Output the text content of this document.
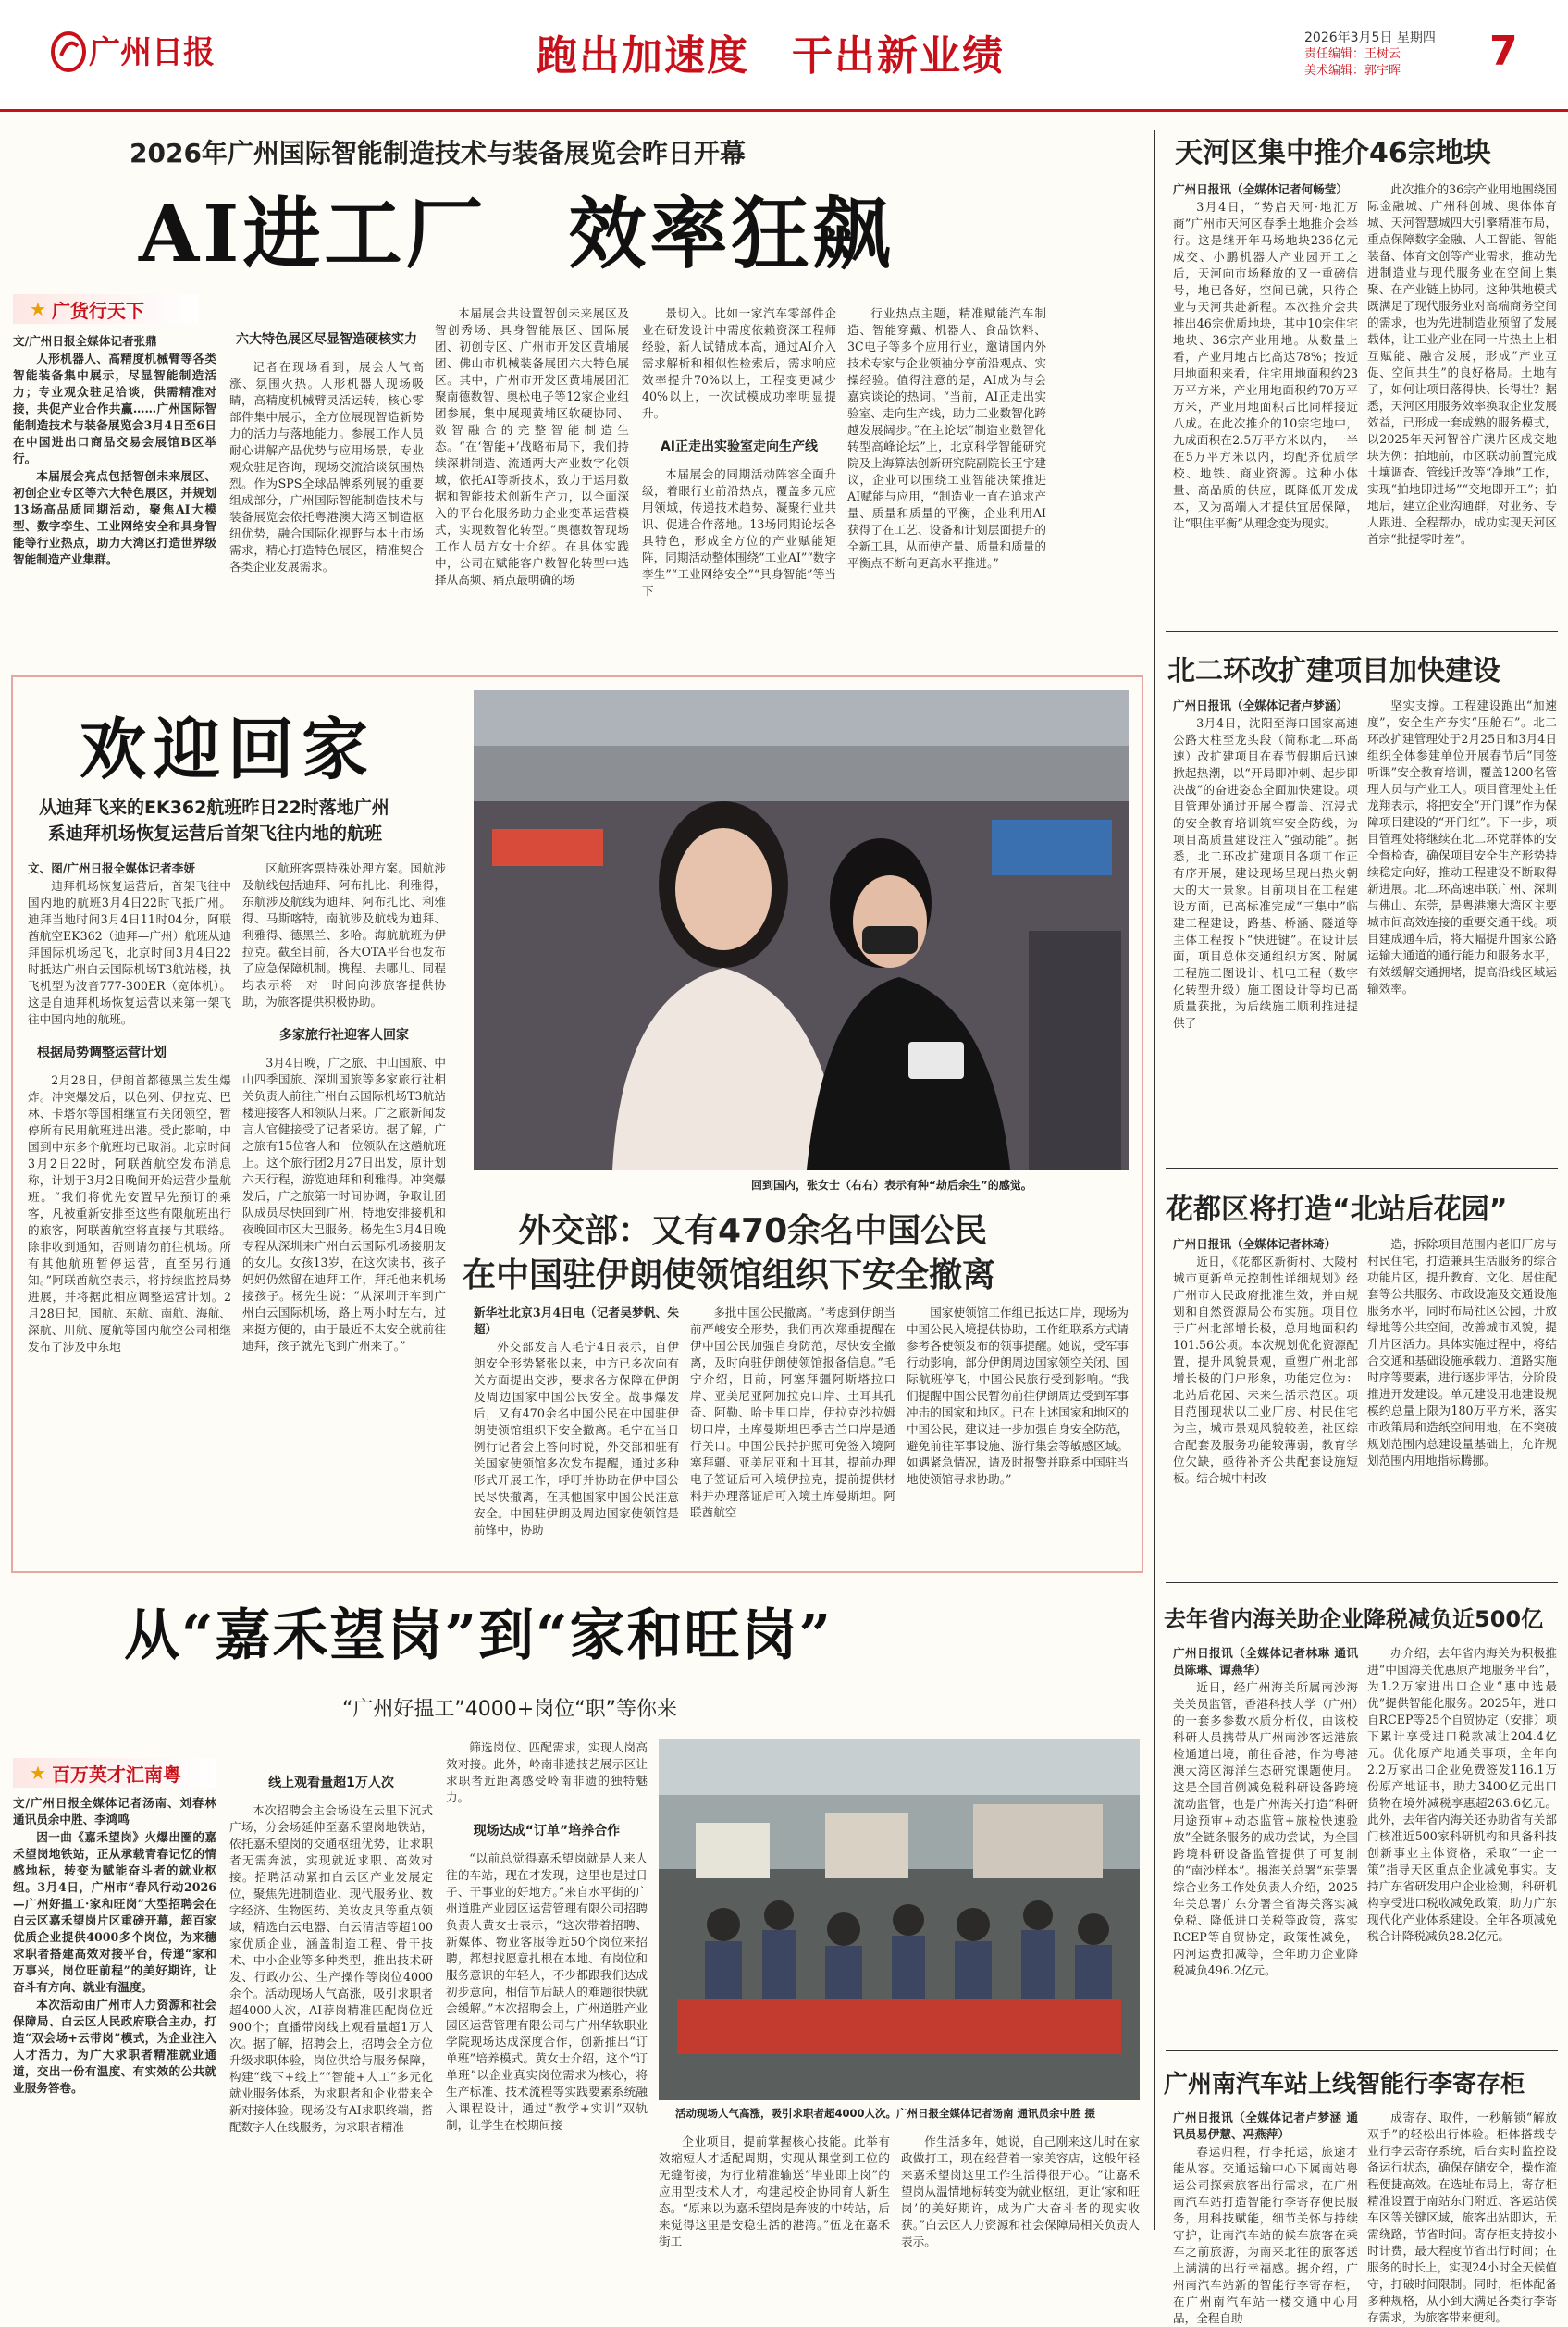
广州日报	跑出加速度　干出新业绩	2026年3月5日 星期四
责任编辑：王树云
美术编辑：郭宇晖 7
2026年广州国际智能制造技术与装备展览会昨日开幕
AI进工厂　效率狂飙
★ 广货行天下

文/广州日报全媒体记者张鼎

人形机器人、高精度机械臂等各类智能装备集中展示，尽显智能制造活力；专业观众驻足洽谈，供需精准对接，共促产业合作共赢……广州国际智能制造技术与装备展览会3月4日至6日在中国进出口商品交易会展馆B区举行。

本届展会亮点包括智创未来展区、初创企业专区等六大特色展区，并规划13场高品质同期活动，聚焦AI大模型、数字孪生、工业网络安全和具身智能等行业热点，助力大湾区打造世界级智能制造产业集群。

六大特色展区尽显智造硬核实力

记者在现场看到，展会人气高涨、氛围火热。人形机器人现场吸睛，高精度机械臂灵活运转，核心零部件集中展示，全方位展现智造新势力的活力与落地能力。参展工作人员耐心讲解产品优势与应用场景，专业观众驻足咨询，现场交流洽谈氛围热烈。作为SPS全球品牌系列展的重要组成部分，广州国际智能制造技术与装备展览会依托粤港澳大湾区制造枢纽优势，融合国际化视野与本土市场需求，精心打造特色展区，精准契合各类企业发展需求。

本届展会共设置智创未来展区及智创秀场、具身智能展区、国际展团、初创专区、广州市开发区黄埔展团、佛山市机械装备展团六大特色展区。其中，广州市开发区黄埔展团汇聚南德数智、奥松电子等12家企业组团参展，集中展现黄埔区软硬协同、数智融合的完整智能制造生态。“在‘智能+’战略布局下，我们持续深耕制造、流通两大产业数字化领域，依托AI等新技术，致力于运用数据和智能技术创新生产力，以全面深入的平台化服务助力企业变革运营模式，实现数智化转型。”奥德数智现场工作人员方女士介绍。在具体实践中，公司在赋能客户数智化转型中选择从高频、痛点最明确的场

景切入。比如一家汽车零部件企业在研发设计中需度依赖资深工程师经验，新人试错成本高，通过AI介入需求解析和相似性检索后，需求响应效率提升70%以上，工程变更减少40%以上，一次试模成功率明显提升。

AI正走出实验室走向生产线

本届展会的同期活动阵容全面升级，着眼行业前沿热点，覆盖多元应用领域，传递技术趋势、凝聚行业共识、促进合作落地。13场同期论坛各具特色，形成全方位的产业赋能矩阵，同期活动整体围绕“工业AI”“数字孪生”“工业网络安全”“具身智能”等当下

行业热点主题，精准赋能汽车制造、智能穿戴、机器人、食品饮料、3C电子等多个应用行业，邀请国内外技术专家与企业领袖分享前沿观点、实操经验。值得注意的是，AI成为与会嘉宾谈论的热词。“当前，AI正走出实验室、走向生产线，助力工业数智化跨越发展阔步。”在主论坛“制造业数智化转型高峰论坛”上，北京科学智能研究院及上海算法创新研究院副院长王宇建议，企业可以围绕工业智能决策推进AI赋能与应用，“制造业一直在追求产量、质量和质量的平衡，企业利用AI获得了在工艺、设备和计划层面提升的全新工具，从而使产量、质量和质量的平衡点不断向更高水平推进。”

天河区集中推介46宗地块

广州日报讯（全媒体记者何畅莹）

3月4日，“势启天河·地汇万商”广州市天河区春季土地推介会举行。这是继开年马场地块236亿元成交、小鹏机器人产业园开工之后，天河向市场释放的又一重磅信号，地已备好，空间已就，只待企业与天河共赴新程。本次推介会共推出46宗优质地块，其中10宗住宅地块、36宗产业用地。从数量上看，产业用地占比高达78%；按近用地面积来看，住宅用地面积约23万平方米，产业用地面积约70万平方米，产业用地面积占比同样接近八成。在此次推介的10宗宅地中，九成面积在2.5万平方米以内，一半在5万平方米以内，均配齐优质学校、地铁、商业资源。这种小体量、高品质的供应，既降低开发成本，又为高端人才提供宜居保障，让“职住平衡”从理念变为现实。

此次推介的36宗产业用地围绕国际金融城、广州科创城、奥体体育城、天河智慧城四大引擎精准布局，重点保障数字金融、人工智能、智能装备、体育文创等产业需求，推动先进制造业与现代服务业在空间上集聚、在产业链上协同。这种供地模式既满足了现代服务业对高端商务空间的需求，也为先进制造业预留了发展载体，让工业产业在同一片热土上相互赋能、融合发展，形成“产业互促、空间共生”的良好格局。土地有了，如何让项目落得快、长得壮？据悉，天河区用服务效率换取企业发展效益，已形成一套成熟的服务模式，以2025年天河智谷广澳片区成交地块为例：拍地前，市区联动前置完成土壤调查、管线迁改等“净地”工作，实现“拍地即进场”“交地即开工”；拍地后，建立企业沟通群，对业务、专人跟进、全程帮办，成功实现天河区首宗“批提零时差”。

北二环改扩建项目加快建设

广州日报讯（全媒体记者卢梦涵）

3月4日，沈阳至海口国家高速公路大柱至龙头段（简称北二环高速）改扩建项目在春节假期后迅速掀起热潮，以“开局即冲刺、起步即决战”的奋进姿态全面加快建设。项目管理处通过开展全覆盖、沉浸式的安全教育培训筑牢安全防线，为项目高质量建设注入“强动能”。据悉，北二环改扩建项目各项工作正有序开展，建设现场呈现出热火朝天的大干景象。目前项目在工程建设方面，已高标准完成“三集中”临建工程建设，路基、桥涵、隧道等主体工程按下“快进键”。在设计层面，项目总体交通组织方案、附属工程施工图设计、机电工程（数字化转型升级）施工图设计等均已高质量获批，为后续施工顺利推进提供了

坚实支撑。工程建设跑出“加速度”，安全生产夯实“压舱石”。北二环改扩建管理处于2月25日和3月4日组织全体参建单位开展春节后“同签听课”安全教育培训，覆盖1200名管理人员与产业工人。项目管理处主任龙翔表示，将把安全“开门课”作为保障项目建设的“开门红”。下一步，项目管理处将继续在北二环党群体的安全督检查，确保项目安全生产形势持续稳定向好，推动工程建设不断取得新进展。北二环高速串联广州、深圳与佛山、东莞，是粤港澳大湾区主要城市间高效连接的重要交通干线。项目建成通车后，将大幅提升国家公路运输大通道的通行能力和服务水平，有效缓解交通拥堵，提高沿线区域运输效率。

花都区将打造“北站后花园”

广州日报讯（全媒体记者林琦）

近日，《花都区新街村、大陵村城市更新单元控制性详细规划》经广州市人民政府批准生效，并由规划和自然资源局公布实施。项目位于广州北部增长极，总用地面积约101.56公顷。本次规划优化资源配置，提升风貌景观，重塑广州北部增长极的门户形象，功能定位为：北站后花园、未来生活示范区。项目范围现状以工业厂房、村民住宅为主，城市景观风貌较差，社区综合配套及服务功能较薄弱，教育学位欠缺，亟待补齐公共配套设施短板。结合城中村改

造，拆除项目范围内老旧厂房与村民住宅，打造兼具生活服务的综合功能片区，提升教育、文化、居住配套等公共服务、市政设施及交通设施服务水平，同时布局社区公园，开放绿地等公共空间，改善城市风貌，提升片区活力。具体实施过程中，将结合交通和基础设施承载力、道路实施时序等要素，进行逐步评估，分阶段推进开发建设。单元建设用地建设规模约总量上限为180万平方米，落实市政策局和造纸空间用地，在不突破规划范围内总建设量基础上，允许规划范围内用地指标腾挪。

去年省内海关助企业降税减负近500亿

广州日报讯（全媒体记者林琳 通讯员陈琳、谭燕华）

近日，经广州海关所属南沙海关关员监管，香港科技大学（广州）的一套多参数水质分析仪，由该校科研人员携带从广州南沙客运港旅检通道出境，前往香港，作为粤港澳大湾区海洋生态研究课题使用。这是全国首例减免税科研设备跨境流动监管，也是广州海关打造“科研用途预审+动态监管+旅检快速验放”全链条服务的成功尝试，为全国跨境科研设备监管提供了可复制的“南沙样本”。揭海关总署“东莞署综合业务工作处负责人介绍，2025年关总署广东分署全省海关落实减免税、降低进口关税等政策，落实RCEP等自贸协定，政策性减免，内河运费扣减等，全年助力企业降税减负496.2亿元。

办介绍，去年省内海关为积极推进“中国海关优惠原产地服务平台”，为1.2万家进出口企业“惠中选最优”提供智能化服务。2025年，进口自RCEP等25个自贸协定（安排）项下累计享受进口税款减让204.4亿元。优化原产地通关事项，全年向2.2万家出口企业免费签发116.1万份原产地证书，助力3400亿元出口货物在境外减税享惠超263.6亿元。此外，去年省内海关还协助省有关部门核准近500家科研机构和具备科技创新事业主体资格，采取“一企一策”指导天区重点企业减免事实。支持广东省研发用户企业检测，科研机构享受进口税收减免政策，助力广东现代化产业体系建设。全年各项减免税合计降税减负28.2亿元。

广州南汽车站上线智能行李寄存柜

广州日报讯（全媒体记者卢梦涵 通讯员易伊慧、冯燕萍）

春运归程，行李托运，旅途才能从容。交通运输中心下属南站粤运公司探索旅客出行需求，在广州南汽车站打造智能行李寄存便民服务，用科技赋能，细节关怀与持续守护，让南汽车站的候车旅客在乘车之前旅游，为南来北往的旅客送上满满的出行幸福感。据介绍，广州南汽车站新的智能行李寄存柜，在广州南汽车站一楼交通中心用品，全程自助

成寄存、取件，一秒解锁“解放双手”的轻松出行体验。柜体搭载专业行李云寄存系统，后台实时监控设备运行状态，确保存储安全，操作流程便捷高效。在选址布局上，寄存柜精准设置于南站东门附近、客运站候车区等关键区域，旅客出站即达，无需绕路，节省时间。寄存柜支持按小时计费，最大程度节省出行时间；在服务的时长上，实现24小时全天候值守，打破时间限制。同时，柜体配备多种规格，从小到大满足各类行李寄存需求，为旅客带来便利。

欢迎回家
从迪拜飞来的EK362航班昨日22时落地广州
系迪拜机场恢复运营后首架飞往内地的航班

文、图/广州日报全媒体记者李妍

迪拜机场恢复运营后，首架飞往中国内地的航班3月4日22时飞抵广州。迪拜当地时间3月4日11时04分，阿联酋航空EK362（迪拜—广州）航班从迪拜国际机场起飞，北京时间3月4日22时抵达广州白云国际机场T3航站楼，执飞机型为波音777-300ER（宽体机）。这是自迪拜机场恢复运营以来第一架飞往中国内地的航班。

根据局势调整运营计划

2月28日，伊朗首都德黑兰发生爆炸。冲突爆发后，以色列、伊拉克、巴林、卡塔尔等国相继宣布关闭领空，暂停所有民用航班进出港。受此影响，中国到中东多个航班均已取消。北京时间3月2日22时，阿联酋航空发布消息称，计划于3月2日晚间开始运营少量航班。“我们将优先安置早先预订的乘客，凡被重新安排至这些有限航班出行的旅客，阿联酋航空将直接与其联络。除非收到通知，否则请勿前往机场。所有其他航班暂停运营，直至另行通知。”阿联酋航空表示，将持续监控局势进展，并将据此相应调整运营计划。2月28日起，国航、东航、南航、海航、深航、川航、厦航等国内航空公司相继发布了涉及中东地

区航班客票特殊处理方案。国航涉及航线包括迪拜、阿布扎比、利雅得，东航涉及航线为迪拜、阿布扎比、利雅得、马斯喀特，南航涉及航线为迪拜、利雅得、德黑兰、多哈。海航航班为伊拉克。截至目前，各大OTA平台也发布了应急保障机制。携程、去哪儿、同程均表示将一对一时间向涉旅客提供协助，为旅客提供积极协助。

多家旅行社迎客人回家

3月4日晚，广之旅、中山国旅、中山四季国旅、深圳国旅等多家旅行社相关负责人前往广州白云国际机场T3航站楼迎接客人和领队归来。广之旅新闻发言人官健接受了记者采访。据了解，广之旅有15位客人和一位领队在这趟航班上。这个旅行团2月27日出发，原计划六天行程，游览迪拜和利雅得。冲突爆发后，广之旅第一时间协调，争取让团队成员尽快回到广州，特地安排接机和夜晚回市区大巴服务。杨先生3月4日晚专程从深圳来广州白云国际机场接朋友的女儿。女孩13岁，在这次读书，孩子妈妈仍然留在迪拜工作，拜托他来机场接孩子。杨先生说：“从深圳开车到广州白云国际机场，路上两小时左右，过来挺方便的，由于最近不太安全就前往迪拜，孩子就先飞到广州来了。”

回到国内，张女士（右右）表示有种“劫后余生”的感觉。
外交部：又有470余名中国公民
在中国驻伊朗使领馆组织下安全撤离

新华社北京3月4日电（记者吴梦帆、朱超）

外交部发言人毛宁4日表示，自伊朗安全形势紧张以来，中方已多次向有关方面提出交涉，要求各方保障在伊朗及周边国家中国公民安全。战事爆发后，又有470余名中国公民在中国驻伊朗使领馆组织下安全撤离。毛宁在当日例行记者会上答问时说，外交部和驻有关国家使领馆多次发布提醒，通过多种形式开展工作，呼吁并协助在伊中国公民尽快撤离，在其他国家中国公民注意安全。中国驻伊朗及周边国家使领馆是前锋中，协助

多批中国公民撤离。“考虑到伊朗当前严峻安全形势，我们再次郑重提醒在伊中国公民加强自身防范，尽快安全撤离，及时向驻伊朗使领馆报备信息。”毛宁介绍，目前，阿塞拜疆阿斯塔拉口岸、亚美尼亚阿加拉克口岸、土耳其孔奇、阿勒、哈卡里口岸，伊拉克沙拉姆切口岸，土库曼斯坦巴季吉兰口岸是通行关口。中国公民持护照可免签入境阿塞拜疆、亚美尼亚和土耳其，提前办理电子签证后可入境伊拉克，提前提供材料并办理落证后可入境土库曼斯坦。阿联酋航空

国家使领馆工作组已抵达口岸，现场为中国公民入境提供协助，工作组联系方式请参考各使领发布的领事提醒。她说，受军事行动影响，部分伊朗周边国家领空关闭、国际航班停飞，中国公民旅行受到影响。“我们提醒中国公民暂勿前往伊朗周边受到军事冲击的国家和地区。已在上述国家和地区的中国公民，建议进一步加强自身安全防范，避免前往军事设施、游行集会等敏感区域。如遇紧急情况，请及时报警并联系中国驻当地使领馆寻求协助。”

从“嘉禾望岗”到“家和旺岗”
“广州好揾工”4000+岗位“职”等你来
★ 百万英才汇南粤

文/广州日报全媒体记者汤南、刘春林 通讯员余中胜、李鸿鸣

因一曲《嘉禾望岗》火爆出圈的嘉禾望岗地铁站，正从承载青春记忆的情感地标，转变为赋能奋斗者的就业枢纽。3月4日，广州市“春风行动2026—广州好揾工·家和旺岗”大型招聘会在白云区嘉禾望岗片区重磅开幕，超百家优质企业提供4000多个岗位，为来穗求职者搭建高效对接平台，传递“家和万事兴，岗位旺前程”的美好期许，让奋斗有方向、就业有温度。

本次活动由广州市人力资源和社会保障局、白云区人民政府联合主办，打造“双会场+云带岗”模式，为企业注入人才活力，为广大求职者精准就业通道，交出一份有温度、有实效的公共就业服务答卷。

线上观看量超1万人次

本次招聘会主会场设在云里下沉式广场，分会场延伸至嘉禾望岗地铁站，依托嘉禾望岗的交通枢纽优势，让求职者无需奔波，实现就近求职、高效对接。招聘活动紧扣白云区产业发展定位，聚焦先进制造业、现代服务业、数字经济、生物医药、美妆皮具等重点领域，精选白云电器、白云清洁等超100家优质企业，涵盖制造工程、骨干技术、中小企业等多种类型，推出技术研发、行政办公、生产操作等岗位4000余个。活动现场人气高涨，吸引求职者超4000人次，AI荐岗精准匹配岗位近900个；直播带岗线上观看量超1万人次。据了解，招聘会上，招聘会全方位升级求职体验，岗位供给与服务保障，构建“线下+线上”“智能+人工”多元化就业服务体系，为求职者和企业带来全新对接体验。现场设有AI求职终端，搭配数字人在线服务，为求职者精准

筛选岗位、匹配需求，实现人岗高效对接。此外，岭南非遗技艺展示区让求职者近距离感受岭南非遗的独特魅力。

现场达成“订单”培养合作

“以前总觉得嘉禾望岗就是人来人往的车站，现在才发现，这里也是过日子、干事业的好地方。”来自水平街的广州道胜产业园区运营管理有限公司招聘负责人黄女士表示，“这次带着招聘、新媒体、物业客服等近50个岗位来招聘，都想找愿意扎根在本地、有岗位和服务意识的年轻人，不少都跟我们达成初步意向，相信节后缺人的难题很快就会缓解。”本次招聘会上，广州道胜产业园区运营管理有限公司与广州华软职业学院现场达成深度合作，创新推出“订单班”培养模式。黄女士介绍，这个“订单班”以企业真实岗位需求为核心，将生产标准、技术流程等实践要素系统融入课程设计，通过“教学+实训”双轨制，让学生在校期间接

活动现场人气高涨，吸引求职者超4000人次。广州日报全媒体记者汤南 通讯员余中胜 摄

企业项目，提前掌握核心技能。此举有效缩短人才适配周期，实现从课堂到工位的无缝衔接，为行业精准输送“毕业即上岗”的应用型技术人才，构建起校企协同育人新生态。“原来以为嘉禾望岗是奔波的中转站，后来觉得这里是安稳生活的港湾。”伍龙在嘉禾街工

作生活多年，她说，自己刚来这儿时在家政做打工，现在经营着一家美容店，这般年轻来嘉禾望岗这里工作生活得很开心。“让嘉禾望岗从温情地标转变为就业枢纽，更让‘家和旺岗’的美好期许，成为广大奋斗者的现实收获。”白云区人力资源和社会保障局相关负责人表示。
